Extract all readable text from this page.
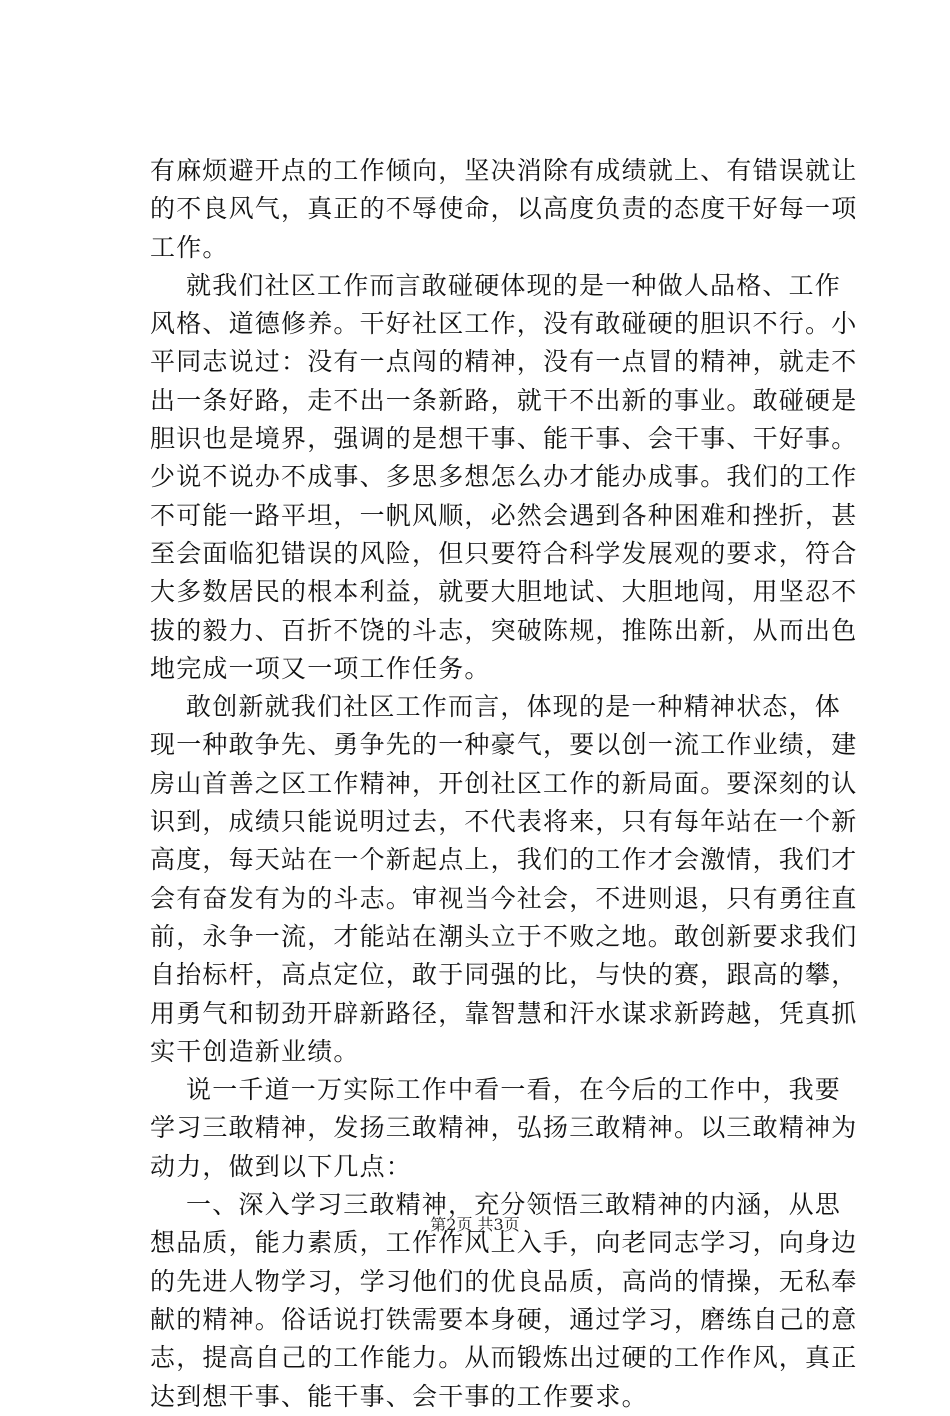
有麻烦避开点的工作倾向，坚决消除有成绩就上、有错误就让
的不良风气，真正的不辱使命，以高度负责的态度干好每一项
工作。
就我们社区工作而言敢碰硬体现的是一种做人品格、工作
风格、道德修养。干好社区工作，没有敢碰硬的胆识不行。小
平同志说过：没有一点闯的精神，没有一点冒的精神，就走不
出一条好路，走不出一条新路，就干不出新的事业。敢碰硬是
胆识也是境界，强调的是想干事、能干事、会干事、干好事。
少说不说办不成事、多思多想怎么办才能办成事。我们的工作
不可能一路平坦，一帆风顺，必然会遇到各种困难和挫折，甚
至会面临犯错误的风险，但只要符合科学发展观的要求，符合
大多数居民的根本利益，就要大胆地试、大胆地闯，用坚忍不
拔的毅力、百折不饶的斗志，突破陈规，推陈出新，从而出色
地完成一项又一项工作任务。
敢创新就我们社区工作而言，体现的是一种精神状态，体
现一种敢争先、勇争先的一种豪气，要以创一流工作业绩，建
房山首善之区工作精神，开创社区工作的新局面。要深刻的认
识到，成绩只能说明过去，不代表将来，只有每年站在一个新
高度，每天站在一个新起点上，我们的工作才会激情，我们才
会有奋发有为的斗志。审视当今社会，不进则退，只有勇往直
前，永争一流，才能站在潮头立于不败之地。敢创新要求我们
自抬标杆，高点定位，敢于同强的比，与快的赛，跟高的攀，
用勇气和韧劲开辟新路径，靠智慧和汗水谋求新跨越，凭真抓
实干创造新业绩。
说一千道一万实际工作中看一看，在今后的工作中，我要
学习三敢精神，发扬三敢精神，弘扬三敢精神。以三敢精神为
动力，做到以下几点：
一、深入学习三敢精神，充分领悟三敢精神的内涵，从思
想品质，能力素质，工作作风上入手，向老同志学习，向身边
的先进人物学习，学习他们的优良品质，高尚的情操，无私奉
献的精神。俗话说打铁需要本身硬，通过学习，磨练自己的意
志，提高自己的工作能力。从而锻炼出过硬的工作作风，真正
达到想干事、能干事、会干事的工作要求。
第2页 共3页
